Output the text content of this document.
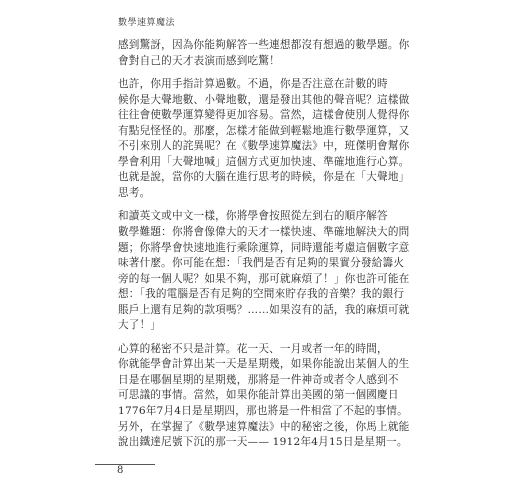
數學速算魔法
感到驚訝，因為你能夠解答一些連想都沒有想過的數學題。你
會對自己的天才表演而感到吃驚！
也許，你用手指計算過數。不過，你是否注意在計數的時
候你是大聲地數、小聲地數，還是發出其他的聲音呢？這樣做
往往會使數學運算變得更加容易。當然，這樣會使別人覺得你
有點兒怪怪的。那麼，怎樣才能做到輕鬆地進行數學運算，又
不引來別人的詫異呢？在《數學速算魔法》中，班傑明會幫你
學會利用「大聲地喊」這個方式更加快速、準確地進行心算。
也就是說，當你的大腦在進行思考的時候，你是在「大聲地」
思考。
和讀英文或中文一樣，你將學會按照從左到右的順序解答
數學難題：你將會像偉大的天才一樣快速、準確地解決大的問
題；你將學會快速地進行乘除運算，同時還能考慮這個數字意
味著什麼。你可能在想：「我們是否有足夠的果實分發給籌火
旁的每一個人呢？如果不夠，那可就麻煩了！」你也許可能在
想：「我的電腦是否有足夠的空間來貯存我的音樂？我的銀行
賬戶上還有足夠的款項嗎？……如果沒有的話，我的麻煩可就
大了！」
心算的秘密不只是計算。花一天、一月或者一年的時間，
你就能學會計算出某一天是星期幾，如果你能說出某個人的生
日是在哪個星期的星期幾，那將是一件神奇或者令人感到不
可思議的事情。當然，如果你能計算出美國的第一個國慶日
1776年7月4日是星期四，那也將是一件相當了不起的事情。
另外，在掌握了《數學速算魔法》中的秘密之後，你馬上就能
說出鐵達尼號下沉的那一天—— 1912年4月15日是星期一。
8
